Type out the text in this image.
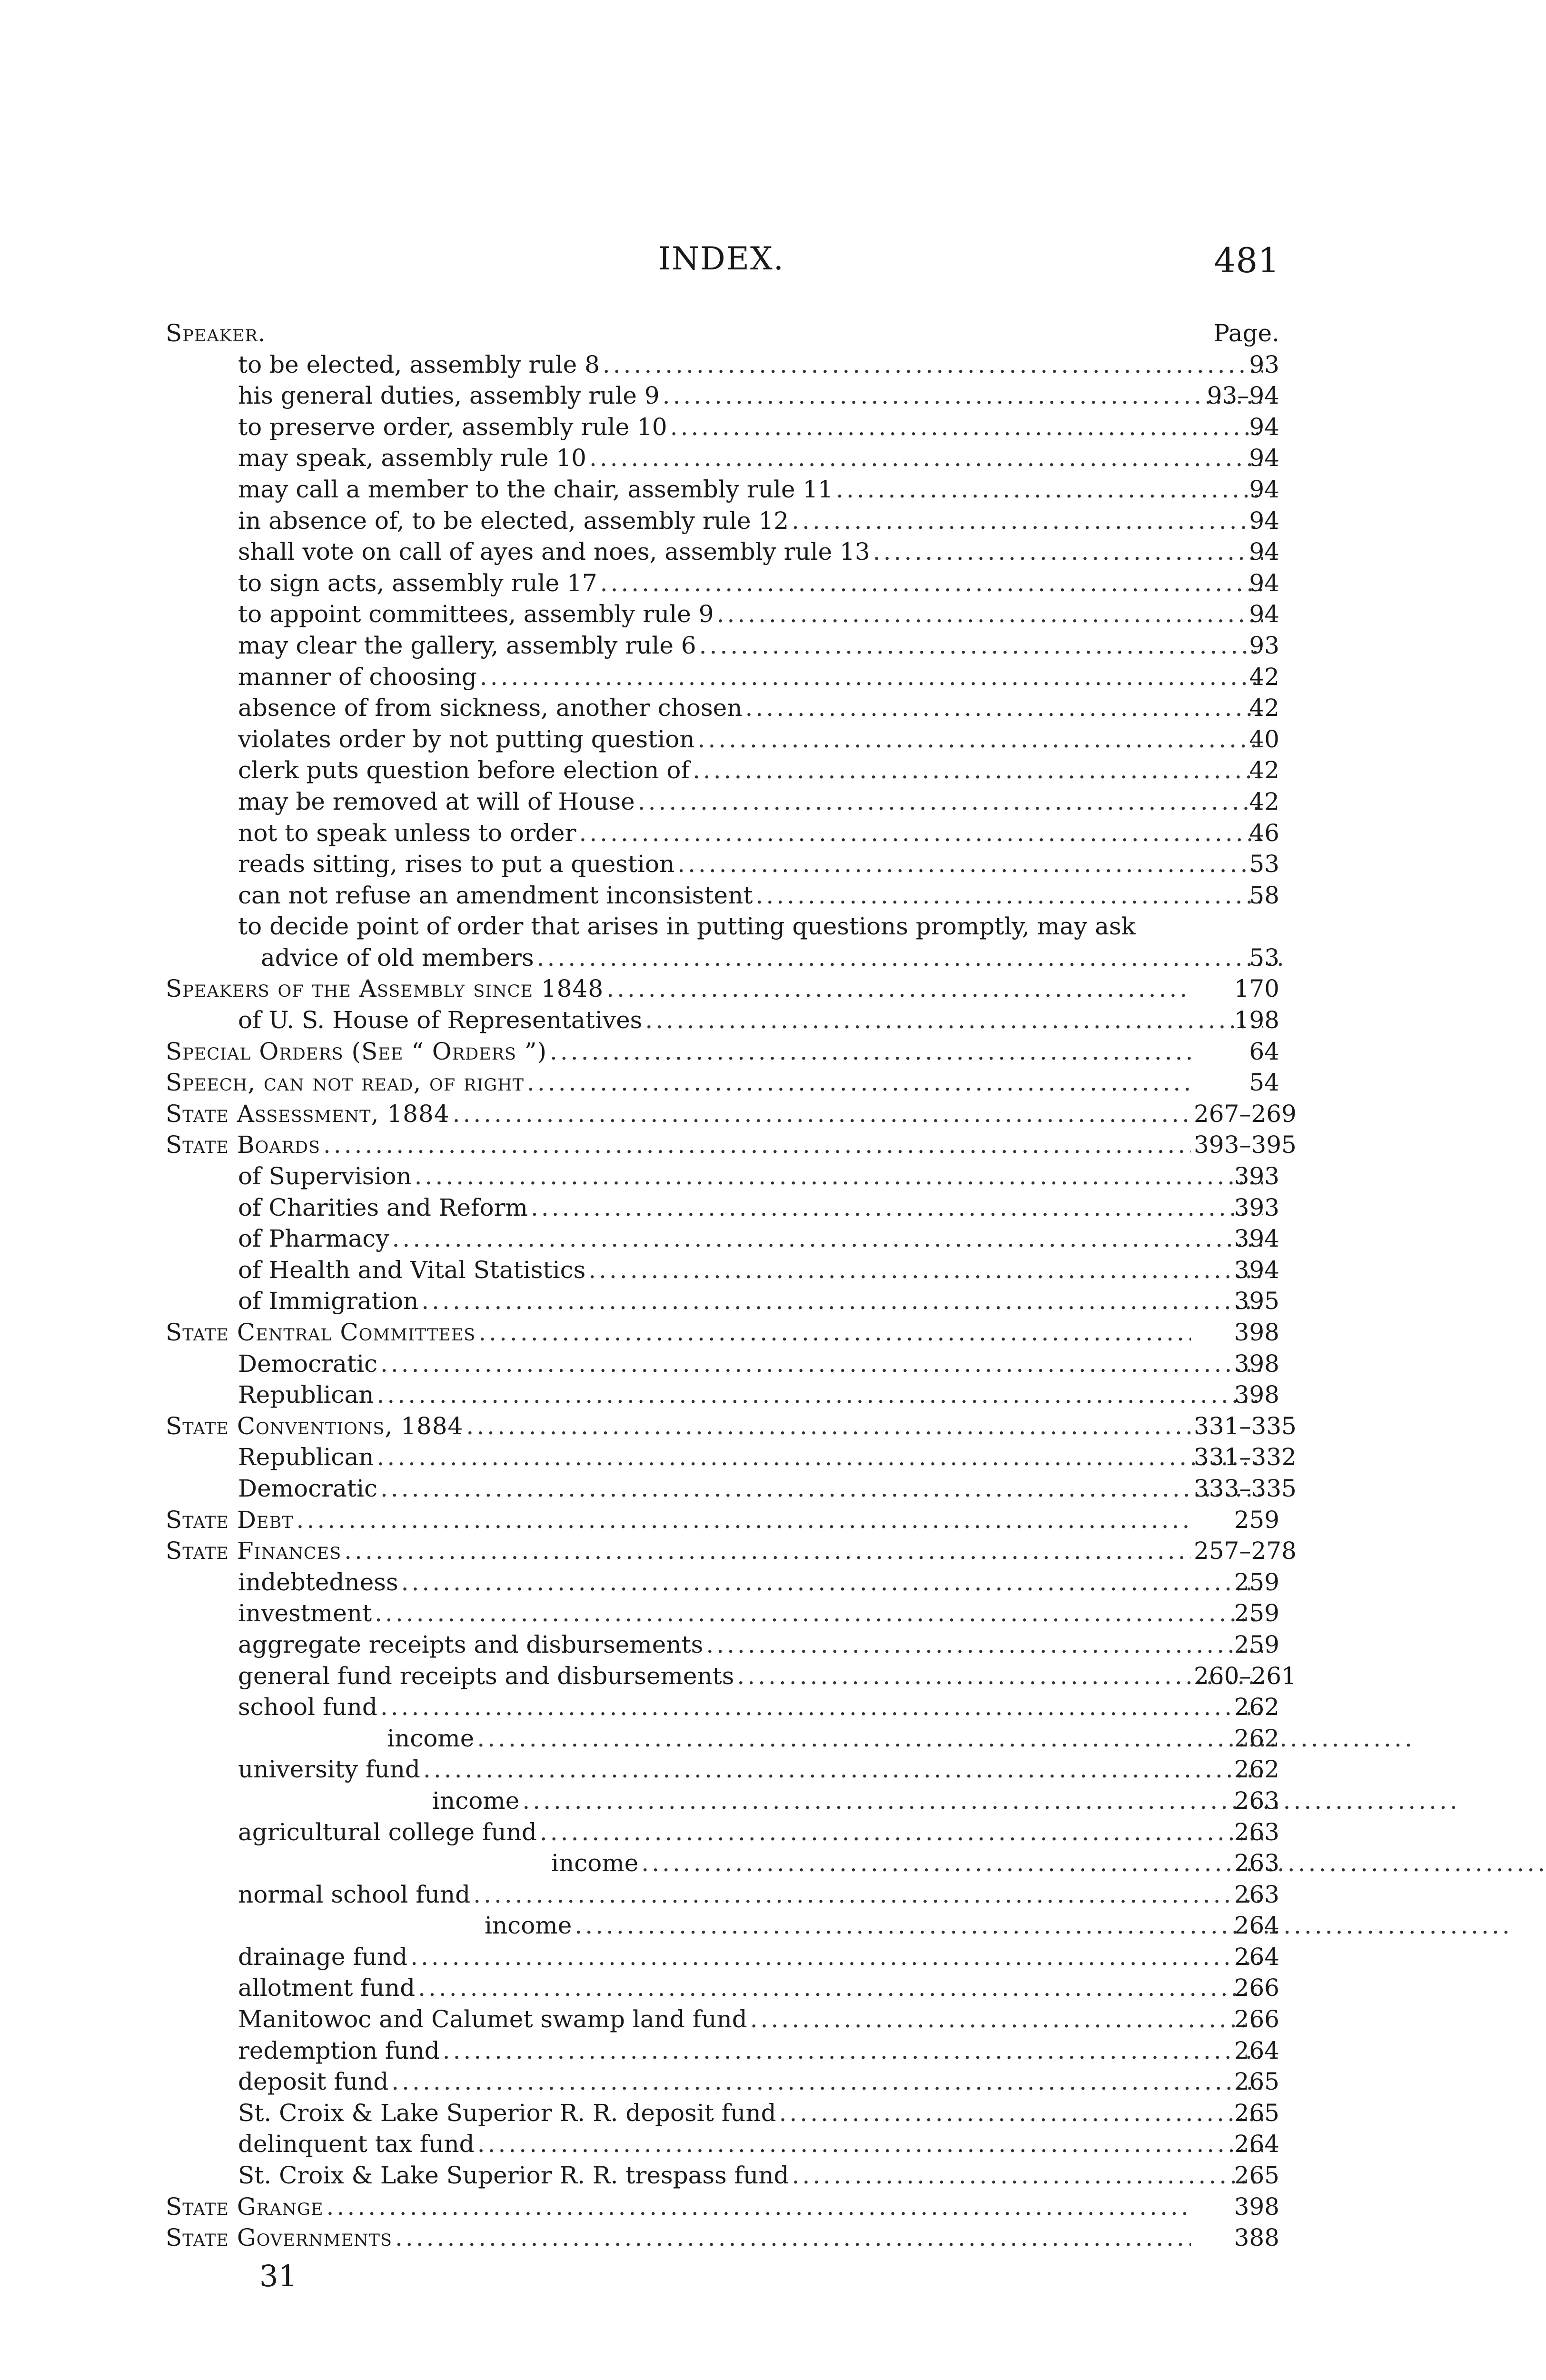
INDEX.	481
Speaker.	Page.
to be elected, assembly rule 8 .....	93
his general duties, assembly rule 9 .....	93–94
to preserve order, assembly rule 10 .....	94
may speak, assembly rule 10 .....	94
may call a member to the chair, assembly rule 11 .....	94
in absence of, to be elected, assembly rule 12 .....	94
shall vote on call of ayes and noes, assembly rule 13 .....	94
to sign acts, assembly rule 17 .....	94
to appoint committees, assembly rule 9 .....	94
may clear the gallery, assembly rule 6 .....	93
manner of choosing .....	42
absence of from sickness, another chosen .....	42
violates order by not putting question .....	40
clerk puts question before election of .....	42
may be removed at will of House .....	42
not to speak unless to order .....	46
reads sitting, rises to put a question .....	53
can not refuse an amendment inconsistent .....	58
to decide point of order that arises in putting questions promptly, may ask
advice of old members .....	53
Speakers of the Assembly since 1848 .....	170
of U. S. House of Representatives .....	198
Special Orders (See “ Orders ”) .....	64
Speech, can not read, of right .....	54
State Assessment, 1884 .....	267–269
State Boards .....	393–395
of Supervision .....	393
of Charities and Reform .....	393
of Pharmacy .....	394
of Health and Vital Statistics .....	394
of Immigration .....	395
State Central Committees .....	398
Democratic .....	398
Republican .....	398
State Conventions, 1884 .....	331–335
Republican .....	331–332
Democratic .....	333–335
State Debt .....	259
State Finances .....	257–278
indebtedness .....	259
investment .....	259
aggregate receipts and disbursements .....	259
general fund receipts and disbursements .....	260–261
school fund .....	262
income .....	262
university fund .....	262
income .....	263
agricultural college fund .....	263
income .....	263
normal school fund .....	263
income .....	264
drainage fund .....	264
allotment fund .....	266
Manitowoc and Calumet swamp land fund .....	266
redemption fund .....	264
deposit fund .....	265
St. Croix & Lake Superior R. R. deposit fund .....	265
delinquent tax fund .....	264
St. Croix & Lake Superior R. R. trespass fund .....	265
State Grange .....	398
State Governments .....	388
31
